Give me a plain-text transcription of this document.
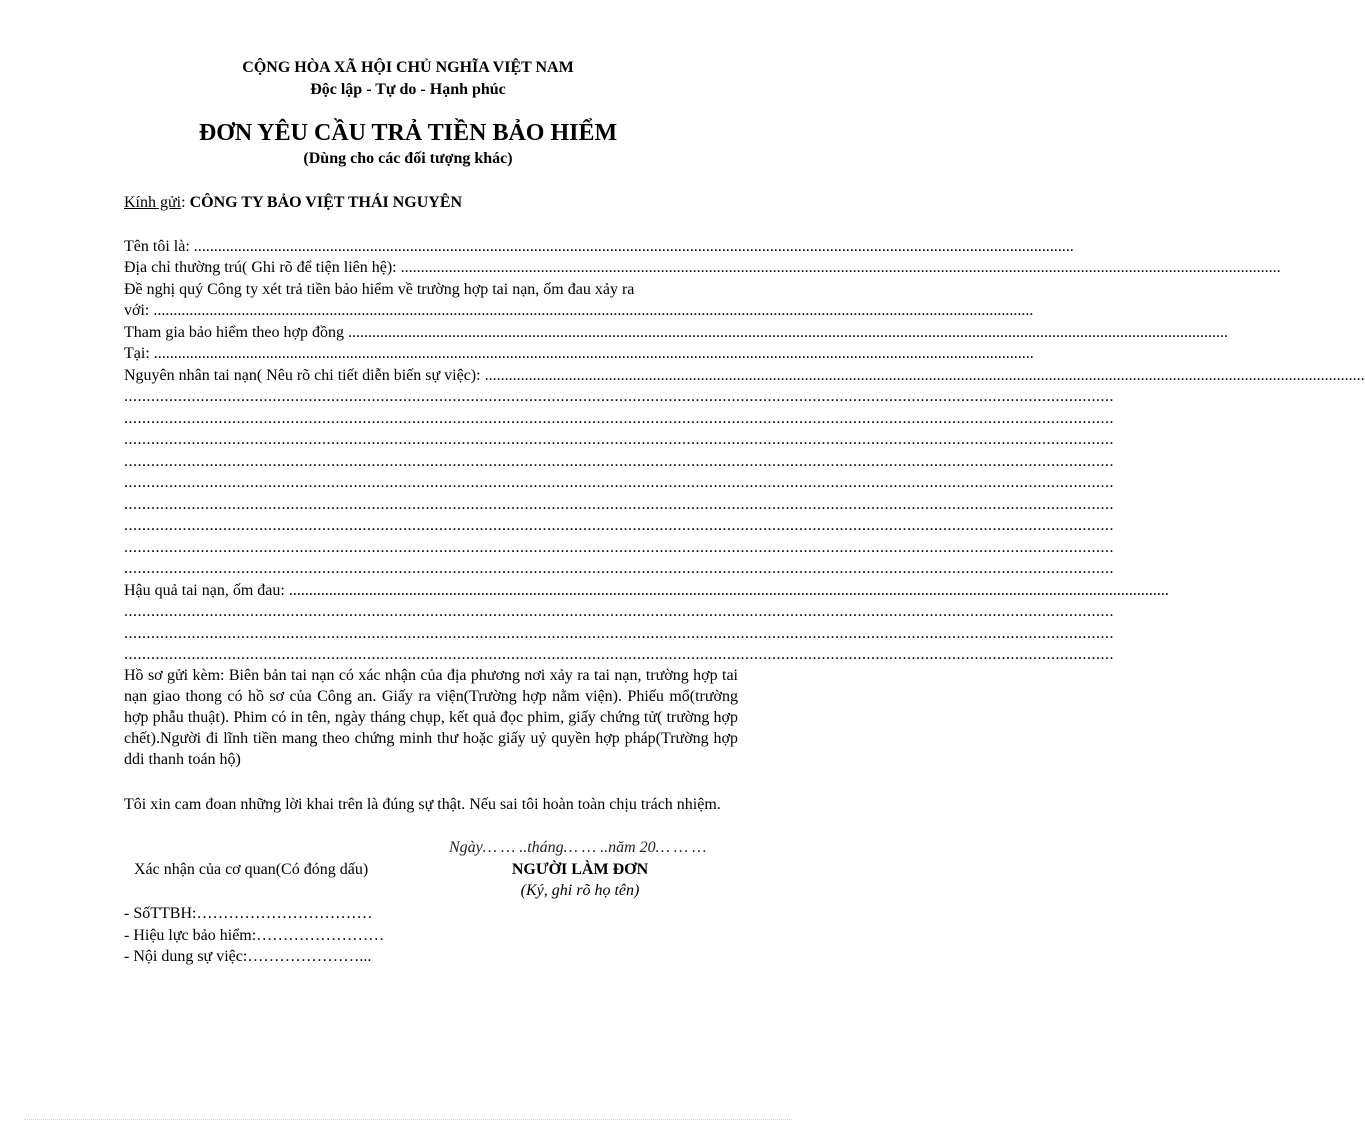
CỘNG HÒA XÃ HỘI CHỦ NGHĨA VIỆT NAM
Độc lập - Tự do - Hạnh phúc
ĐƠN YÊU CẦU TRẢ TIỀN BẢO HIỂM
(Dùng cho các đối tượng khác)
Kính gửi: CÔNG TY BẢO VIỆT THÁI NGUYÊN
Tên tôi là: ............................................................................................................................................................................................................................
Địa chỉ thường trú( Ghi rõ để tiện liên hệ): ............................................................................................................................................................................................................................
Đề nghị quý Công ty xét trả tiền bảo hiểm về trường hợp tai nạn, ốm đau xảy ra
với: ............................................................................................................................................................................................................................
Tham gia bảo hiểm theo hợp đồng ............................................................................................................................................................................................................................
Tại: ............................................................................................................................................................................................................................
Nguyên nhân tai nạn( Nêu rõ chi tiết diễn biến sự việc): ............................................................................................................................................................................................................................
............................................................................................................................................................................................................................
............................................................................................................................................................................................................................
............................................................................................................................................................................................................................
............................................................................................................................................................................................................................
............................................................................................................................................................................................................................
............................................................................................................................................................................................................................
............................................................................................................................................................................................................................
............................................................................................................................................................................................................................
............................................................................................................................................................................................................................
Hậu quả tai nạn, ốm đau: ............................................................................................................................................................................................................................
............................................................................................................................................................................................................................
............................................................................................................................................................................................................................
............................................................................................................................................................................................................................
Hồ sơ gửi kèm: Biên bản tai nạn có xác nhận của địa phương nơi xảy ra tai nạn, trường hợp tai nạn giao thong có hồ sơ của Công an. Giấy ra viện(Trường hợp nằm viện). Phiếu mổ(trường hợp phẫu thuật). Phim có in tên, ngày tháng chụp, kết quả đọc phim, giấy chứng tử( trường hợp chết).Người đi lĩnh tiền mang theo chứng minh thư hoặc giấy uỷ quyền hợp pháp(Trường hợp ddi thanh toán hộ)
Tôi xin cam đoan những lời khai trên là đúng sự thật. Nếu sai tôi hoàn toàn chịu trách nhiệm.
Ngày… … ..tháng… … ..năm 20… … …
Xác nhận của cơ quan(Có đóng dấu)	NGƯỜI LÀM ĐƠN
(Ký, ghi rõ họ tên)
- SốTTBH:……………………………
- Hiệu lực bảo hiểm:……………………
- Nội dung sự việc:…………………...
